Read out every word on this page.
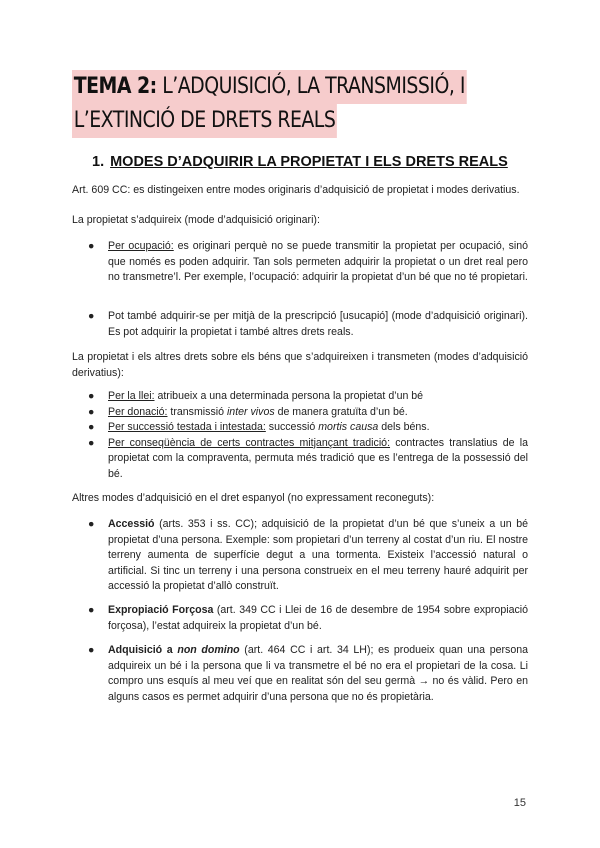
TEMA 2: L’ADQUISICIÓ, LA TRANSMISSIÓ, I
L’EXTINCIÓ DE DRETS REALS
1. MODES D’ADQUIRIR LA PROPIETAT I ELS DRETS REALS
Art. 609 CC: es distingeixen entre modes originaris d’adquisició de propietat i modes derivatius.
La propietat s’adquireix (mode d’adquisició originari):
● Per ocupació: es originari perquè no se puede transmitir la propietat per ocupació, sinó que només es poden adquirir. Tan sols permeten adquirir la propietat o un dret real pero no transmetre’l. Per exemple, l’ocupació: adquirir la propietat d’un bé que no té propietari.
● Pot també adquirir-se per mitjà de la prescripció [usucapió] (mode d’adquisició originari). Es pot adquirir la propietat i també altres drets reals.
La propietat i els altres drets sobre els béns que s’adquireixen i transmeten (modes d’adquisició derivatius):
● Per la llei: atribueix a una determinada persona la propietat d’un bé
● Per donació: transmissió inter vivos de manera gratuïta d’un bé.
● Per successió testada i intestada: successió mortis causa dels béns.
● Per conseqüència de certs contractes mitjançant tradició: contractes translatius de la propietat com la compraventa, permuta més tradició que es l’entrega de la possessió del bé.
Altres modes d’adquisició en el dret espanyol (no expressament reconeguts):
● Accessió (arts. 353 i ss. CC); adquisició de la propietat d’un bé que s’uneix a un bé propietat d’una persona. Exemple: som propietari d’un terreny al costat d’un riu. El nostre terreny aumenta de superfície degut a una tormenta. Existeix l’accessió natural o artificial. Si tinc un terreny i una persona construeix en el meu terreny hauré adquirit per accessió la propietat d’allò construït.
● Expropiació Forçosa (art. 349 CC i Llei de 16 de desembre de 1954 sobre expropiació forçosa), l’estat adquireix la propietat d’un bé.
● Adquisició a non domino (art. 464 CC i art. 34 LH); es produeix quan una persona adquireix un bé i la persona que li va transmetre el bé no era el propietari de la cosa. Li compro uns esquís al meu veí que en realitat són del seu germà → no és vàlid. Pero en alguns casos es permet adquirir d’una persona que no és propietària.
15
